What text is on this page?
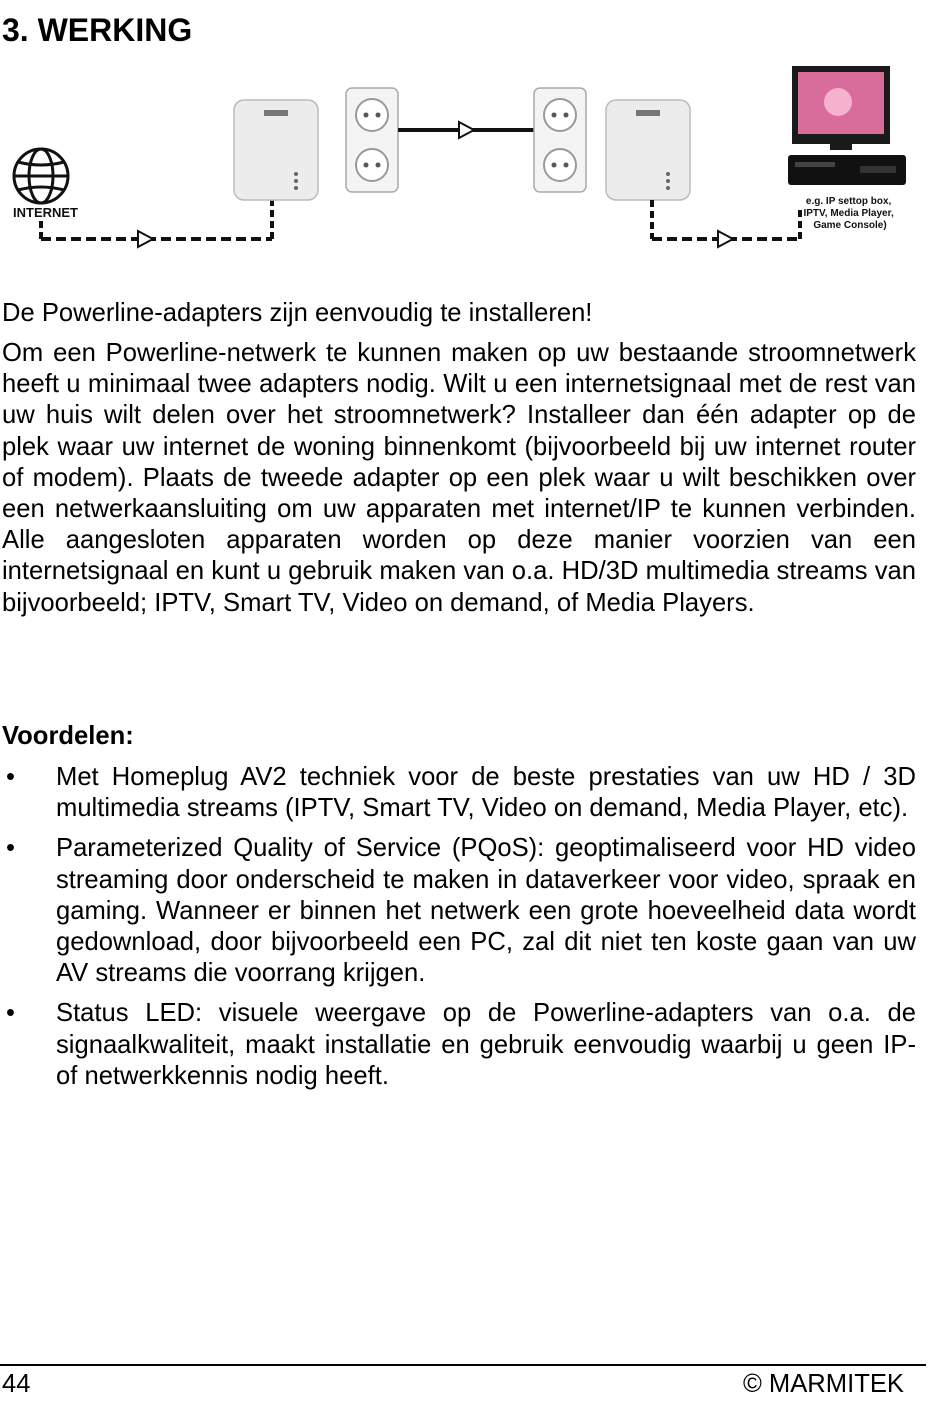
3. WERKING
INTERNET
e.g. IP settop box, IPTV, Media Player, Game Console)

De Powerline-adapters zijn eenvoudig te installeren!

Om een Powerline-netwerk te kunnen maken op uw bestaande stroomnetwerk heeft u minimaal twee adapters nodig. Wilt u een internetsignaal met de rest van uw huis wilt delen over het stroomnetwerk? Installeer dan één adapter op de plek waar uw internet de woning binnenkomt (bijvoorbeeld bij uw internet router of modem). Plaats de tweede adapter op een plek waar u wilt beschikken over een netwerkaansluiting om uw apparaten met internet/IP te kunnen verbinden. Alle aangesloten apparaten worden op deze manier voorzien van een internetsignaal en kunt u gebruik maken van o.a. HD/3D multimedia streams van bijvoorbeeld; IPTV, Smart TV, Video on demand, of Media Players.

Voordelen:
• Met Homeplug AV2 techniek voor de beste prestaties van uw HD / 3D multimedia streams (IPTV, Smart TV, Video on demand, Media Player, etc).
• Parameterized Quality of Service (PQoS): geoptimaliseerd voor HD video streaming door onderscheid te maken in dataverkeer voor video, spraak en gaming. Wanneer er binnen het netwerk een grote hoeveelheid data wordt gedownload, door bijvoorbeeld een PC, zal dit niet ten koste gaan van uw AV streams die voorrang krijgen.
• Status LED: visuele weergave op de Powerline-adapters van o.a. de signaalkwaliteit, maakt installatie en gebruik eenvoudig waarbij u geen IP- of netwerkkennis nodig heeft.
44	© MARMITEK
